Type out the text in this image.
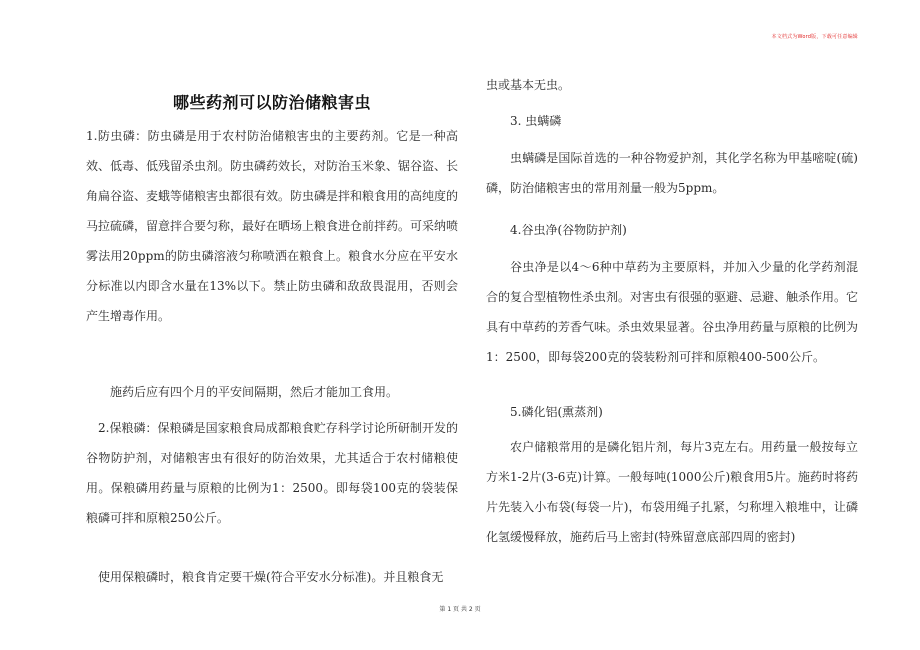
本文档式为Word版，下载可任意编辑
哪些药剂可以防治储粮害虫

1.防虫磷：防虫磷是用于农村防治储粮害虫的主要药剂。它是一种高效、低毒、低残留杀虫剂。防虫磷药效长，对防治玉米象、锯谷盗、长角扁谷盗、麦蛾等储粮害虫都很有效。防虫磷是拌和粮食用的高纯度的马拉硫磷，留意拌合要匀称，最好在晒场上粮食进仓前拌药。可采纳喷雾法用20ppm的防虫磷溶液匀称喷洒在粮食上。粮食水分应在平安水分标准以内即含水量在13%以下。禁止防虫磷和敌敌畏混用，否则会产生增毒作用。

施药后应有四个月的平安间隔期，然后才能加工食用。

2.保粮磷：保粮磷是国家粮食局成都粮食贮存科学讨论所研制开发的谷物防护剂，对储粮害虫有很好的防治效果，尤其适合于农村储粮使用。保粮磷用药量与原粮的比例为1：2500。即每袋100克的袋装保粮磷可拌和原粮250公斤。

使用保粮磷时，粮食肯定要干燥(符合平安水分标准)。并且粮食无

虫或基本无虫。

3. 虫螨磷

虫螨磷是国际首选的一种谷物爱护剂，其化学名称为甲基嘧啶(硫)磷，防治储粮害虫的常用剂量一般为5ppm。

4.谷虫净(谷物防护剂)

谷虫净是以4～6种中草药为主要原料，并加入少量的化学药剂混合的复合型植物性杀虫剂。对害虫有很强的驱避、忌避、触杀作用。它具有中草药的芳香气味。杀虫效果显著。谷虫净用药量与原粮的比例为1：2500，即每袋200克的袋装粉剂可拌和原粮400-500公斤。

5.磷化铝(熏蒸剂)

农户储粮常用的是磷化铝片剂，每片3克左右。用药量一般按每立方米1-2片(3-6克)计算。一般每吨(1000公斤)粮食用5片。施药时将药片先装入小布袋(每袋一片)，布袋用绳子扎紧，匀称埋入粮堆中，让磷化氢缓慢释放，施药后马上密封(特殊留意底部四周的密封)

第 1 页 共 2 页
